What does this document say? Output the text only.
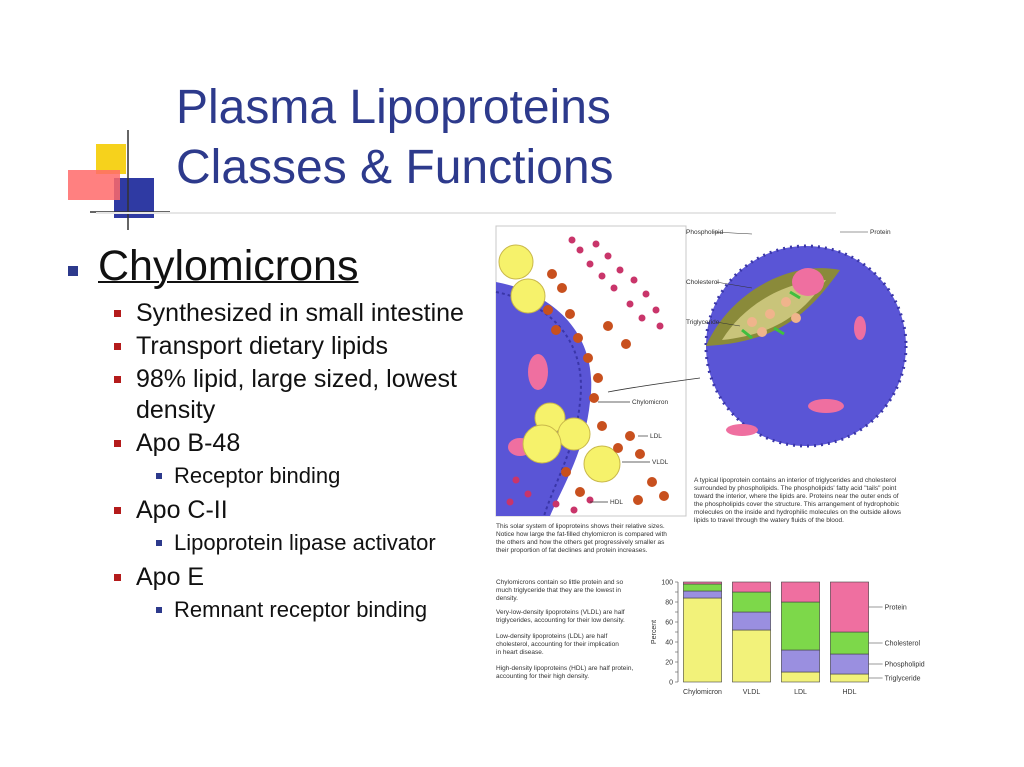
Plasma Lipoproteins
Classes & Functions
Chylomicrons
Synthesized in small intestine
Transport dietary lipids
98% lipid, large sized, lowest density
Apo B-48
Receptor binding
Apo C-II
Lipoprotein lipase activator
Apo E
Remnant receptor binding
Chylomicron
LDL
VLDL
HDL
Phospholipid	Protein
Cholesterol
Triglyceride
A typical lipoprotein contains an interior of triglycerides and cholesterol
surrounded by phospholipids. The phospholipids' fatty acid "tails" point
toward the interior, where the lipids are. Proteins near the outer ends of
the phospholipids cover the structure. This arrangement of hydrophobic
molecules on the inside and hydrophilic molecules on the outside allows
lipids to travel through the watery fluids of the blood.
This solar system of lipoproteins shows their relative sizes.
Notice how large the fat-filled chylomicron is compared with
the others and how the others get progressively smaller as
their proportion of fat declines and protein increases.
Chylomicrons contain so little protein and so
much triglyceride that they are the lowest in
density.
Very-low-density lipoproteins (VLDL) are half
triglycerides, accounting for their low density.
Low-density lipoproteins (LDL) are half
cholesterol, accounting for their implication
in heart disease.
High-density lipoproteins (HDL) are half protein,
accounting for their high density.
0
20
40
60
80
100
Chylomicron	VLDL	LDL	HDL
Triglyceride
Phospholipid
Cholesterol
Protein
Percent
